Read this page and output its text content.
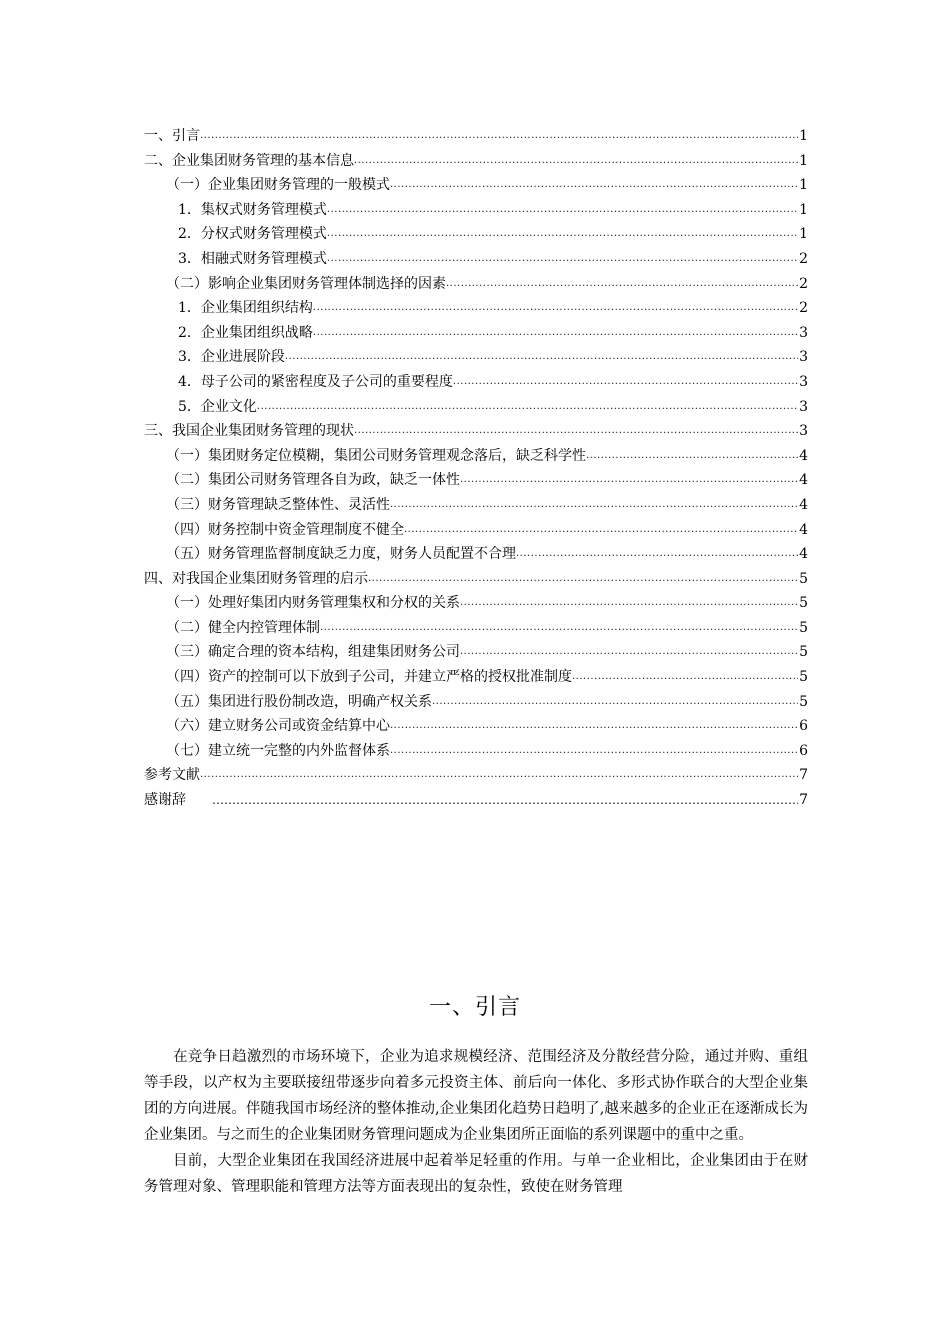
一、引言 .....	1
二、企业集团财务管理的基本信息 .....	1
（一）企业集团财务管理的一般模式 .....	1
1．集权式财务管理模式 .....	1
2．分权式财务管理模式 .....	1
3．相融式财务管理模式 .....	2
（二）影响企业集团财务管理体制选择的因素 .....	2
1．企业集团组织结构 .....	2
2．企业集团组织战略 .....	3
3．企业进展阶段 .....	3
4．母子公司的紧密程度及子公司的重要程度 .....	3
5．企业文化 .....	3
三、我国企业集团财务管理的现状 .....	3
（一）集团财务定位模糊，集团公司财务管理观念落后，缺乏科学性 .....	4
（二）集团公司财务管理各自为政，缺乏一体性 .....	4
（三）财务管理缺乏整体性、灵活性 .....	4
（四）财务控制中资金管理制度不健全 .....	4
（五）财务管理监督制度缺乏力度，财务人员配置不合理 .....	4
四、对我国企业集团财务管理的启示 .....	5
（一）处理好集团内财务管理集权和分权的关系 .....	5
（二）健全内控管理体制 .....	5
（三）确定合理的资本结构，组建集团财务公司 .....	5
（四）资产的控制可以下放到子公司，并建立严格的授权批准制度 .....	5
（五）集团进行股份制改造，明确产权关系 .....	5
（六）建立财务公司或资金结算中心 .....	6
（七）建立统一完整的内外监督体系 .....	6
参考文献 .....	7
感谢辞 ……………………………………………………………………………………………………………………………………………………	7
一、引言

在竞争日趋激烈的市场环境下，企业为追求规模经济、范围经济及分散经营分险，通过并购、重组等手段，以产权为主要联接纽带逐步向着多元投资主体、前后向一体化、多形式协作联合的大型企业集团的方向进展。伴随我国市场经济的整体推动,企业集团化趋势日趋明了,越来越多的企业正在逐渐成长为企业集团。与之而生的企业集团财务管理问题成为企业集团所正面临的系列课题中的重中之重。

目前，大型企业集团在我国经济进展中起着举足轻重的作用。与单一企业相比，企业集团由于在财务管理对象、管理职能和管理方法等方面表现出的复杂性，致使在财务管理
